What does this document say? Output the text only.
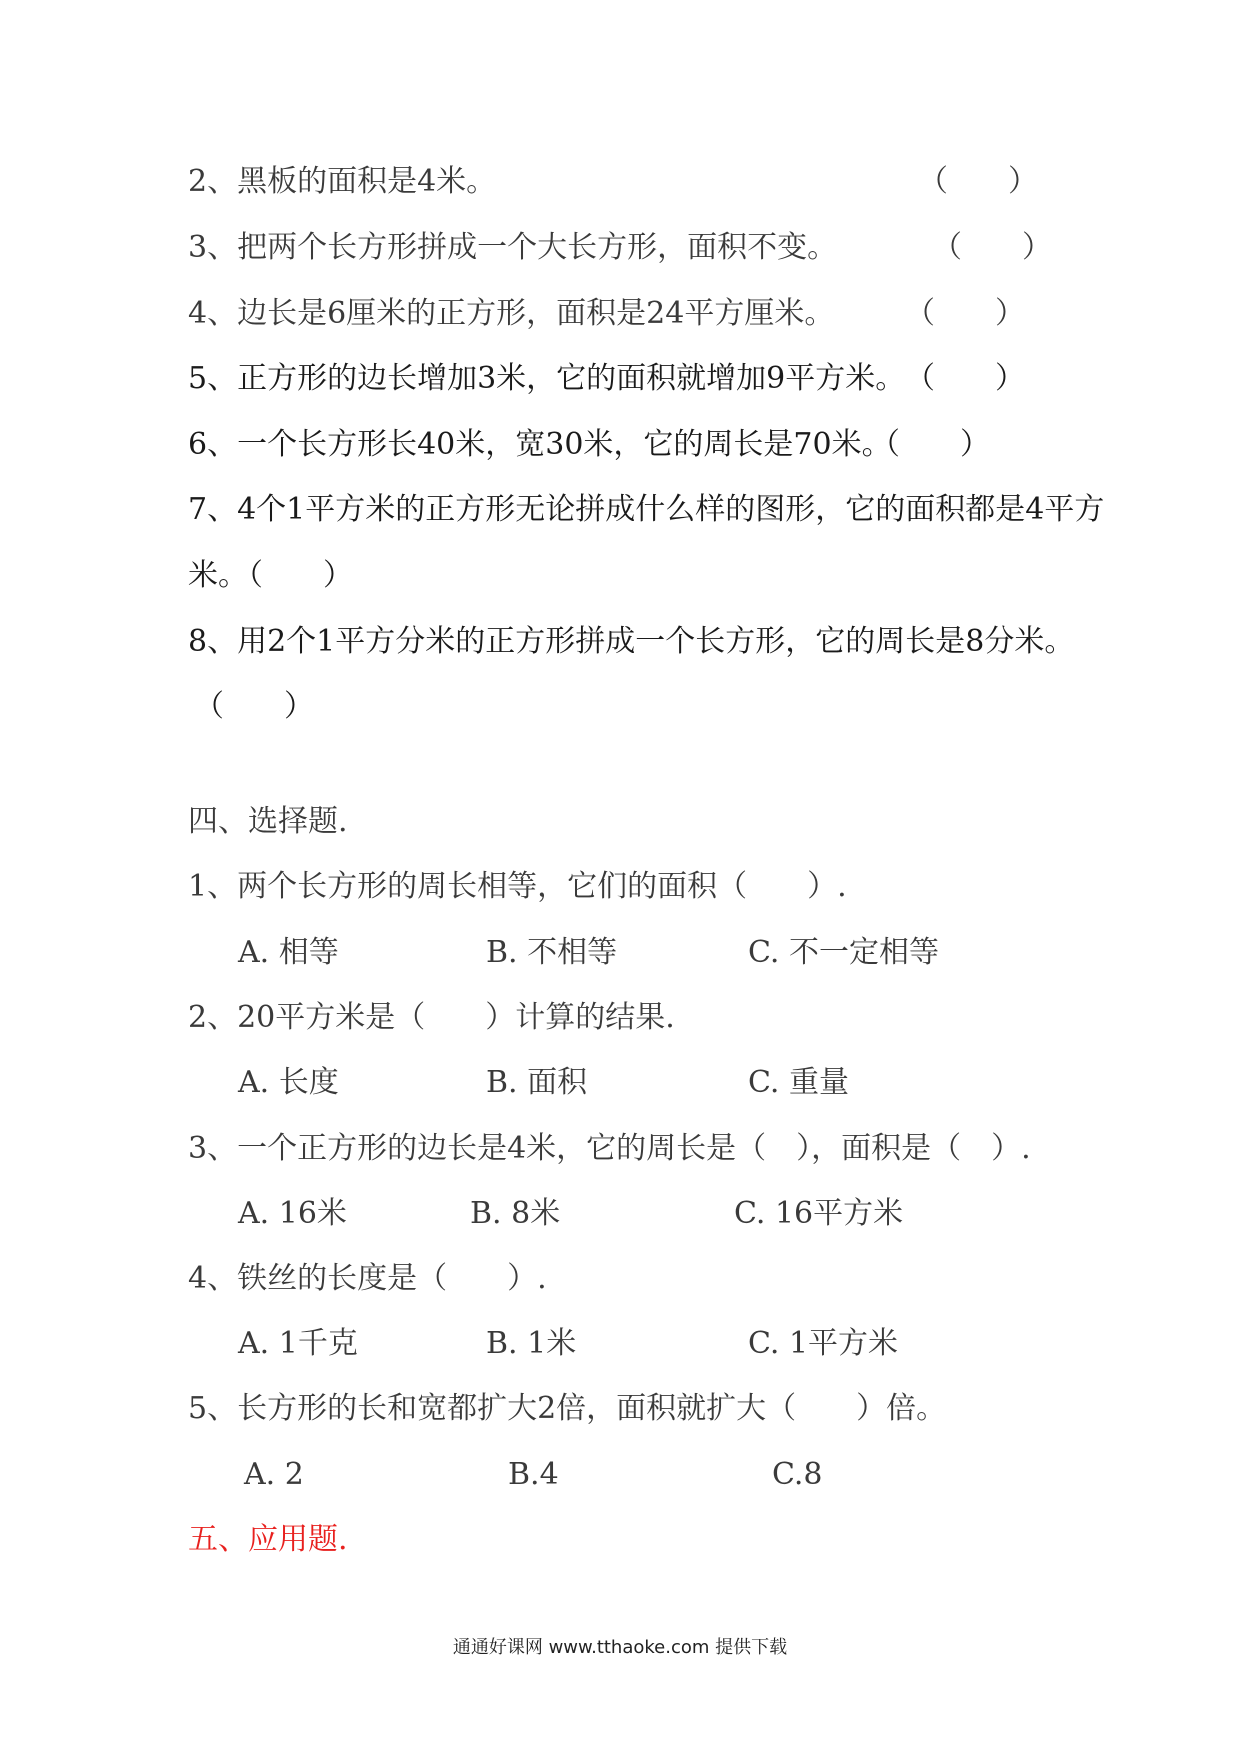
2、黑板的面积是4米。	（　　）

3、把两个长方形拼成一个大长方形，面积不变。	（　　）

4、边长是6厘米的正方形，面积是24平方厘米。 （　　）

5、正方形的边长增加3米，它的面积就增加9平方米。 （　　）

6、一个长方形长40米，宽30米，它的周长是70米。

（　　）

7、4个1平方米的正方形无论拼成什么样的图形，它的面积都是4平方

米。（　　）

8、用2个1平方分米的正方形拼成一个长方形，它的周长是8分米。

（　　）

四、选择题.

1、两个长方形的周长相等，它们的面积（　　）.

A. 相等	B. 不相等	C. 不一定相等

2、20平方米是（　　）计算的结果.

A. 长度	B. 面积	C. 重量

3、一个正方形的边长是4米，它的周长是（　），面积是（　）.

A. 16米	B. 8米	C. 16平方米

4、铁丝的长度是（　　）.

A. 1千克	B. 1米	C. 1平方米

5、长方形的长和宽都扩大2倍，面积就扩大（　　）倍。

A. 2	B.4	C.8

五、应用题.

通通好课网 www.tthaoke.com 提供下载
